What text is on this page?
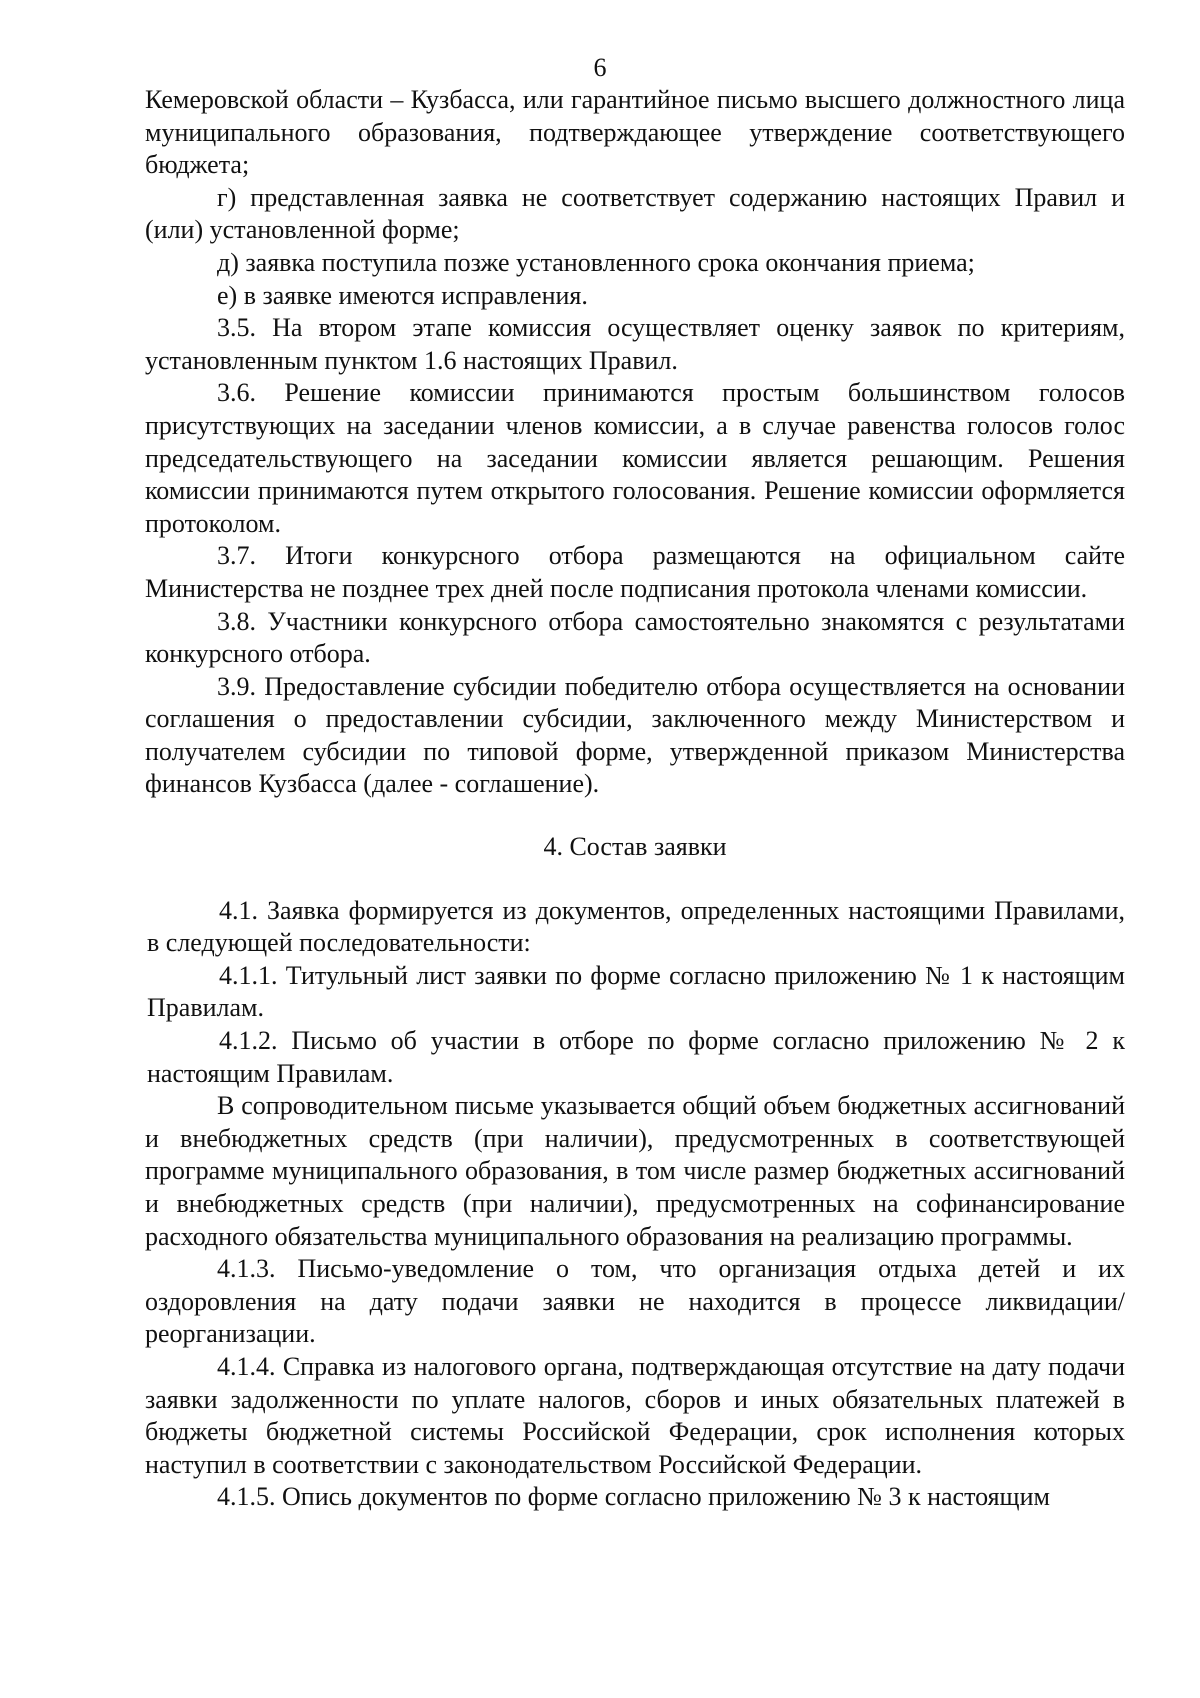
6

Кемеровской области – Кузбасса, или гарантийное письмо высшего должностного лица муниципального образования, подтверждающее утверждение соответствующего бюджета;

г) представленная заявка не соответствует содержанию настоящих Правил и (или) установленной форме;

д) заявка поступила позже установленного срока окончания приема;

е) в заявке имеются исправления.

3.5. На втором этапе комиссия осуществляет оценку заявок по критериям, установленным пунктом 1.6 настоящих Правил.

3.6. Решение комиссии принимаются простым большинством голосов присутствующих на заседании членов комиссии, а в случае равенства голосов голос председательствующего на заседании комиссии является решающим. Решения комиссии принимаются путем открытого голосования. Решение комиссии оформляется протоколом.

3.7. Итоги конкурсного отбора размещаются на официальном сайте Министерства не позднее трех дней после подписания протокола членами комиссии.

3.8. Участники конкурсного отбора самостоятельно знакомятся с результатами конкурсного отбора.

3.9. Предоставление субсидии победителю отбора осуществляется на основании соглашения о предоставлении субсидии, заключенного между Министерством и получателем субсидии по типовой форме, утвержденной приказом Министерства финансов Кузбасса (далее - соглашение).

4. Состав заявки

4.1. Заявка формируется из документов, определенных настоящими Правилами, в следующей последовательности:

4.1.1. Титульный лист заявки по форме согласно приложению № 1 к настоящим Правилам.

4.1.2. Письмо об участии в отборе по форме согласно приложению № 2 к настоящим Правилам.

В сопроводительном письме указывается общий объем бюджетных ассигнований и внебюджетных средств (при наличии), предусмотренных в соответствующей программе муниципального образования, в том числе размер бюджетных ассигнований и внебюджетных средств (при наличии), предусмотренных на софинансирование расходного обязательства муниципального образования на реализацию программы.

4.1.3. Письмо-уведомление о том, что организация отдыха детей и их оздоровления на дату подачи заявки не находится в процессе ликвидации/реорганизации.

4.1.4. Справка из налогового органа, подтверждающая отсутствие на дату подачи заявки задолженности по уплате налогов, сборов и иных обязательных платежей в бюджеты бюджетной системы Российской Федерации, срок исполнения которых наступил в соответствии с законодательством Российской Федерации.

4.1.5. Опись документов по форме согласно приложению № 3 к настоящим
